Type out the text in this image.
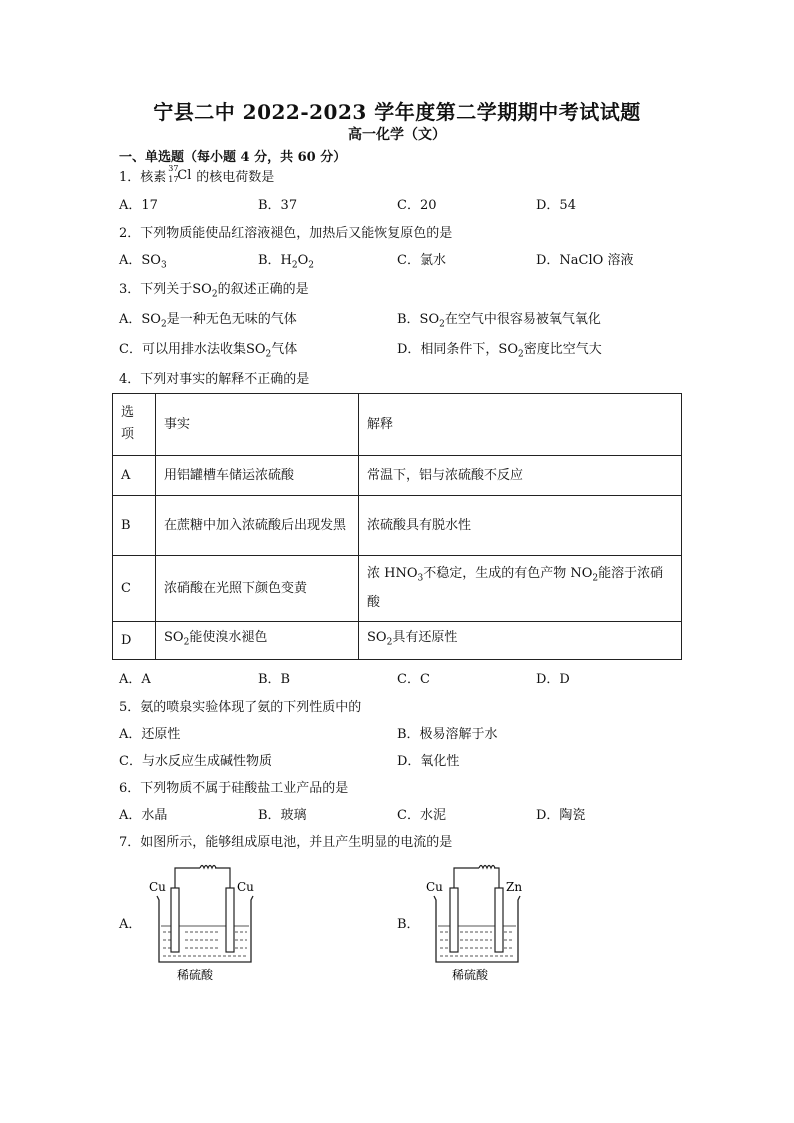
宁县二中 2022-2023 学年度第二学期期中考试试题
高一化学（文）
一、单选题（每小题 4 分，共 60 分）
1．核素
37
17
Cl 的核电荷数是
A．17	B．37	C．20	D．54
2．下列物质能使品红溶液褪色，加热后又能恢复原色的是
A．$SO_3$	B．$H_2O_2$	C．氯水	D．NaClO 溶液
3．下列关于$SO_2$的叙述正确的是
A．$SO_2$是一种无色无味的气体	B．$SO_2$在空气中很容易被氧气氧化
C．可以用排水法收集$SO_2$气体	D．相同条件下，$SO_2$密度比空气大
4．下列对事实的解释不正确的是
选项	事实	解释
A	用铝罐槽车储运浓硫酸	常温下，铝与浓硫酸不反应
B	在蔗糖中加入浓硫酸后出现发黑	浓硫酸具有脱水性
C	浓硝酸在光照下颜色变黄	浓 $HNO_3$不稳定，生成的有色产物 $NO_2$能溶于浓硝酸
D	$SO_2$能使溴水褪色	$SO_2$具有还原性
A．A	B．B	C．C	D．D
5．氨的喷泉实验体现了氨的下列性质中的
A．还原性	B．极易溶解于水
C．与水反应生成碱性物质	D．氧化性
6．下列物质不属于硅酸盐工业产品的是
A．水晶	B．玻璃	C．水泥	D．陶瓷
7．如图所示，能够组成原电池，并且产生明显的电流的是
A．
Cu	Cu
稀硫酸
B．
Cu	Zn
稀硫酸
